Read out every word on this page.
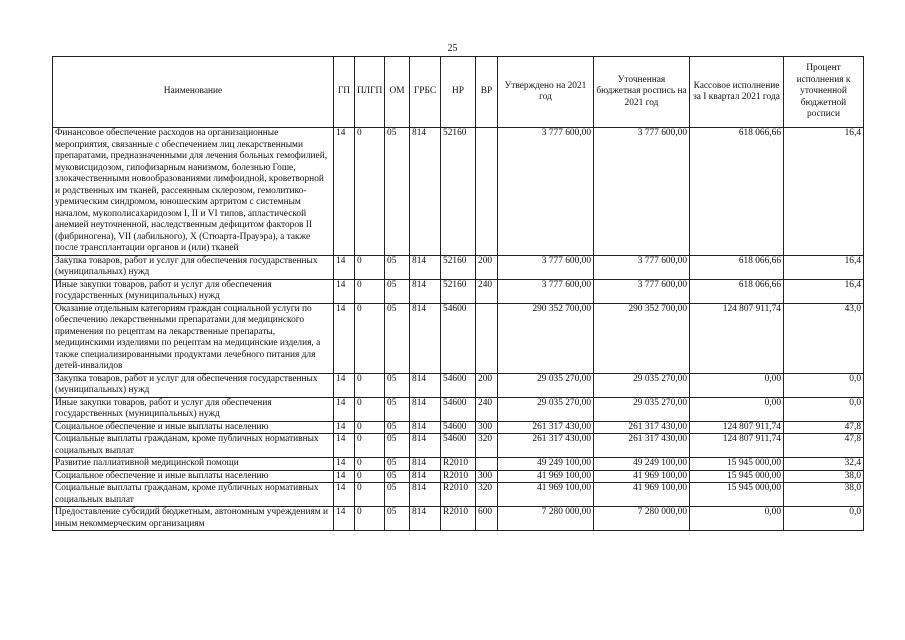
25
Наименование	ГП	ПЛГП	ОМ	ГРБС	НР	ВР	Утверждено на 2021 год	Уточненная бюджетная роспись на 2021 год	Кассовое исполнение за I квартал 2021 года	Процент исполнения к уточненной бюджетной росписи
Финансовое обеспечение расходов на организационные мероприятия, связанные с обеспечением лиц лекарственными препаратами, предназначенными для лечения больных гемофилией, муковисцидозом, гипофизарным нанизмом, болезнью Гоше, злокачественными новообразованиями лимфоидной, кроветворной и родственных им тканей, рассеянным склерозом, гемолитико-уремическим синдромом, юношеским артритом с системным началом, мукополисахаридозом I, II и VI типов, апластической анемией неуточненной, наследственным дефицитом факторов II (фибриногена), VII (лабильного), X (Стюарта-Прауэра), а также после трансплантации органов и (или) тканей	14	0	05	814	52160		3 777 600,00	3 777 600,00	618 066,66	16,4
Закупка товаров, работ и услуг для обеспечения государственных (муниципальных) нужд	14	0	05	814	52160	200	3 777 600,00	3 777 600,00	618 066,66	16,4
Иные закупки товаров, работ и услуг для обеспечения государственных (муниципальных) нужд	14	0	05	814	52160	240	3 777 600,00	3 777 600,00	618 066,66	16,4
Оказание отдельным категориям граждан социальной услуги по обеспечению лекарственными препаратами для медицинского применения по рецептам на лекарственные препараты, медицинскими изделиями по рецептам на медицинские изделия, а также специализированными продуктами лечебного питания для детей-инвалидов	14	0	05	814	54600		290 352 700,00	290 352 700,00	124 807 911,74	43,0
Закупка товаров, работ и услуг для обеспечения государственных (муниципальных) нужд	14	0	05	814	54600	200	29 035 270,00	29 035 270,00	0,00	0,0
Иные закупки товаров, работ и услуг для обеспечения государственных (муниципальных) нужд	14	0	05	814	54600	240	29 035 270,00	29 035 270,00	0,00	0,0
Социальное обеспечение и иные выплаты населению	14	0	05	814	54600	300	261 317 430,00	261 317 430,00	124 807 911,74	47,8
Социальные выплаты гражданам, кроме публичных нормативных социальных выплат	14	0	05	814	54600	320	261 317 430,00	261 317 430,00	124 807 911,74	47,8
Развитие паллиативной медицинской помощи	14	0	05	814	R2010		49 249 100,00	49 249 100,00	15 945 000,00	32,4
Социальное обеспечение и иные выплаты населению	14	0	05	814	R2010	300	41 969 100,00	41 969 100,00	15 945 000,00	38,0
Социальные выплаты гражданам, кроме публичных нормативных социальных выплат	14	0	05	814	R2010	320	41 969 100,00	41 969 100,00	15 945 000,00	38,0
Предоставление субсидий бюджетным, автономным учреждениям и иным некоммерческим организациям	14	0	05	814	R2010	600	7 280 000,00	7 280 000,00	0,00	0,0
